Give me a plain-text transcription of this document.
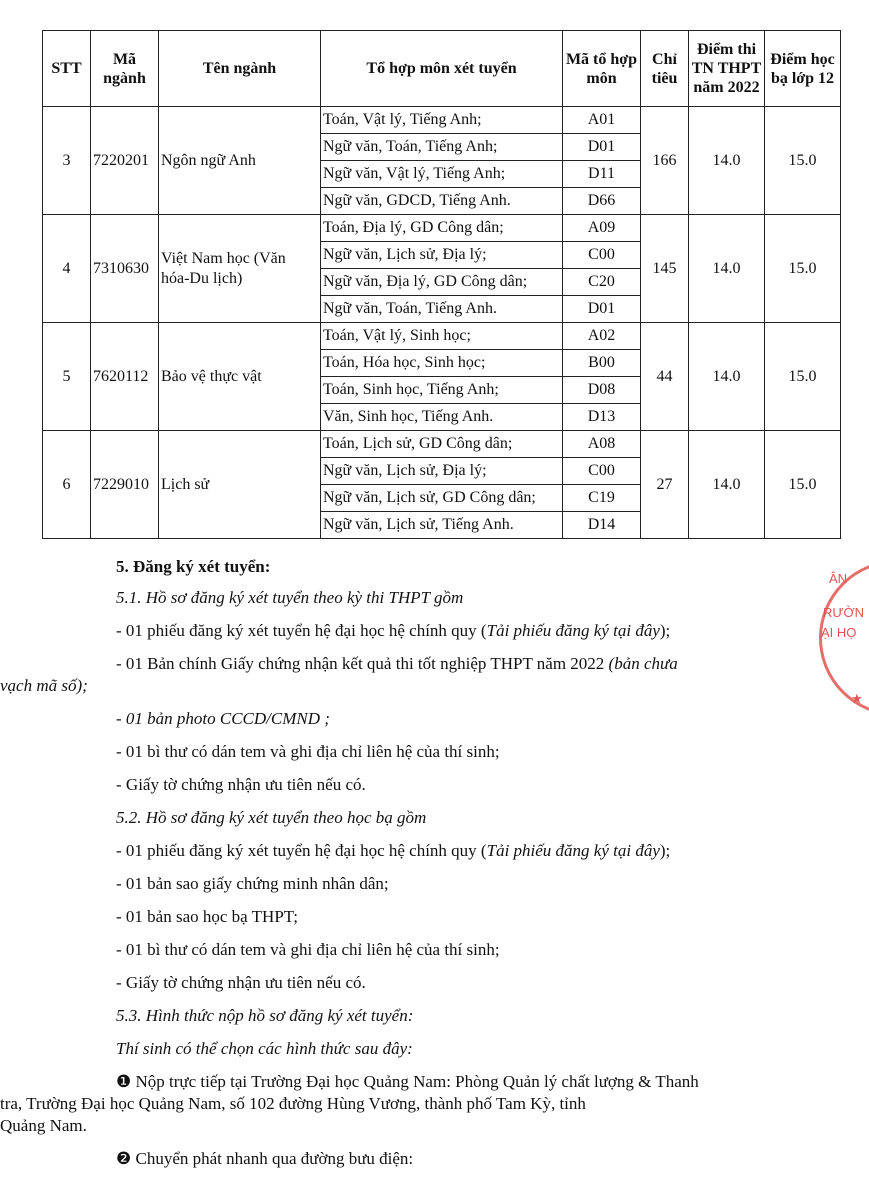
STT	Mã ngành	Tên ngành	Tổ hợp môn xét tuyển	Mã tổ hợp môn	Chỉ tiêu	Điểm thi TN THPT năm 2022	Điểm học bạ lớp 12
3	7220201	Ngôn ngữ Anh	Toán, Vật lý, Tiếng Anh;	A01	166	14.0	15.0
			Ngữ văn, Toán, Tiếng Anh;	D01			
			Ngữ văn, Vật lý, Tiếng Anh;	D11			
			Ngữ văn, GDCD, Tiếng Anh.	D66			
4	7310630	Việt Nam học (Văn hóa-Du lịch)	Toán, Địa lý, GD Công dân;	A09	145	14.0	15.0
			Ngữ văn, Lịch sử, Địa lý;	C00			
			Ngữ văn, Địa lý, GD Công dân;	C20			
			Ngữ văn, Toán, Tiếng Anh.	D01			
5	7620112	Bảo vệ thực vật	Toán, Vật lý, Sinh học;	A02	44	14.0	15.0
			Toán, Hóa học, Sinh học;	B00			
			Toán, Sinh học, Tiếng Anh;	D08			
			Văn, Sinh học, Tiếng Anh.	D13			
6	7229010	Lịch sử	Toán, Lịch sử, GD Công dân;	A08	27	14.0	15.0
			Ngữ văn, Lịch sử, Địa lý;	C00			
			Ngữ văn, Lịch sử, GD Công dân;	C19			
			Ngữ văn, Lịch sử, Tiếng Anh.	D14			

5. Đăng ký xét tuyển:

5.1. Hồ sơ đăng ký xét tuyển theo kỳ thi THPT gồm

- 01 phiếu đăng ký xét tuyển hệ đại học hệ chính quy (Tải phiếu đăng ký tại đây);

- 01 Bản chính Giấy chứng nhận kết quả thi tốt nghiệp THPT năm 2022 (bản chưa

vạch mã số);

- 01 bản photo CCCD/CMND ;

- 01 bì thư có dán tem và ghi địa chỉ liên hệ của thí sinh;

- Giấy tờ chứng nhận ưu tiên nếu có.

5.2. Hồ sơ đăng ký xét tuyển theo học bạ gồm

- 01 phiếu đăng ký xét tuyển hệ đại học hệ chính quy (Tải phiếu đăng ký tại đây);

- 01 bản sao giấy chứng minh nhân dân;

- 01 bản sao học bạ THPT;

- 01 bì thư có dán tem và ghi địa chỉ liên hệ của thí sinh;

- Giấy tờ chứng nhận ưu tiên nếu có.

5.3. Hình thức nộp hồ sơ đăng ký xét tuyển:

Thí sinh có thể chọn các hình thức sau đây:

❶ Nộp trực tiếp tại Trường Đại học Quảng Nam: Phòng Quản lý chất lượng & Thanh

tra, Trường Đại học Quảng Nam, số 102 đường Hùng Vương, thành phố Tam Kỳ, tỉnh

Quảng Nam.

❷ Chuyển phát nhanh qua đường bưu điện:

ÂN
RƯỜN
ẠI HỌ
★
